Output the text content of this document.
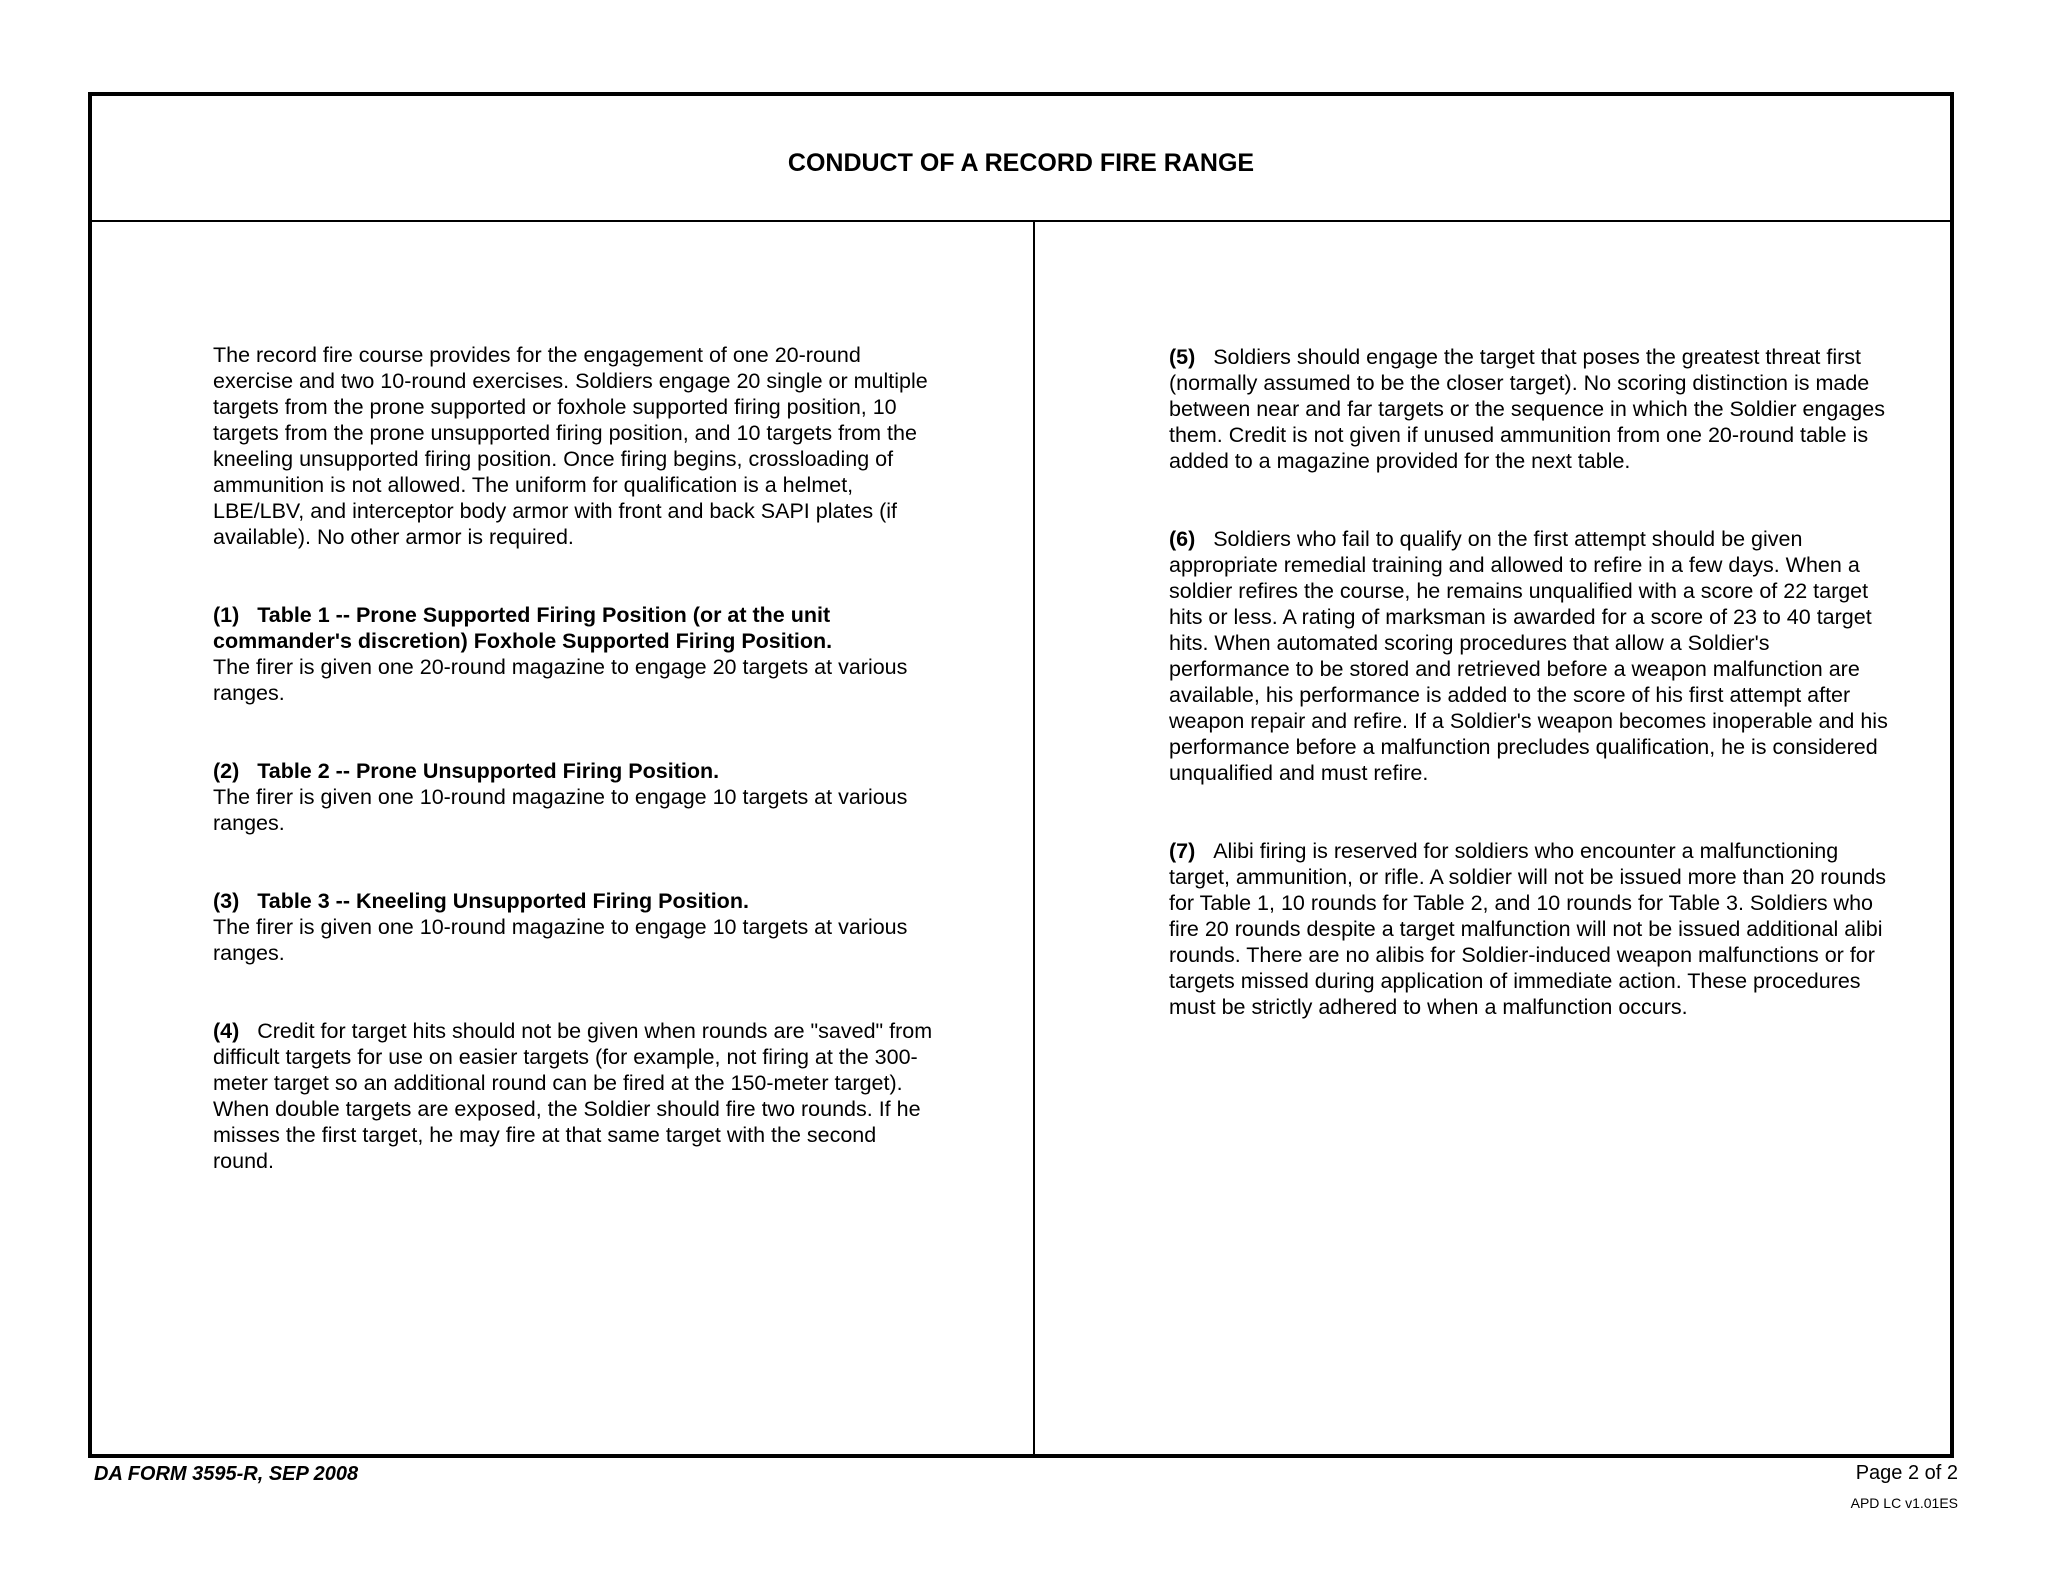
CONDUCT OF A RECORD FIRE RANGE

The record fire course provides for the engagement of one 20-round exercise and two 10-round exercises. Soldiers engage 20 single or multiple targets from the prone supported or foxhole supported firing position, 10 targets from the prone unsupported firing position, and 10 targets from the kneeling unsupported firing position. Once firing begins, crossloading of ammunition is not allowed. The uniform for qualification is a helmet, LBE/LBV, and interceptor body armor with front and back SAPI plates (if available). No other armor is required.

(1) Table 1 -- Prone Supported Firing Position (or at the unit commander's discretion) Foxhole Supported Firing Position.
The firer is given one 20-round magazine to engage 20 targets at various ranges.

(2) Table 2 -- Prone Unsupported Firing Position.
The firer is given one 10-round magazine to engage 10 targets at various ranges.

(3) Table 3 -- Kneeling Unsupported Firing Position.
The firer is given one 10-round magazine to engage 10 targets at various ranges.

(4) Credit for target hits should not be given when rounds are "saved" from difficult targets for use on easier targets (for example, not firing at the 300-meter target so an additional round can be fired at the 150-meter target). When double targets are exposed, the Soldier should fire two rounds. If he misses the first target, he may fire at that same target with the second round.

(5) Soldiers should engage the target that poses the greatest threat first (normally assumed to be the closer target). No scoring distinction is made between near and far targets or the sequence in which the Soldier engages them. Credit is not given if unused ammunition from one 20-round table is added to a magazine provided for the next table.

(6) Soldiers who fail to qualify on the first attempt should be given appropriate remedial training and allowed to refire in a few days. When a soldier refires the course, he remains unqualified with a score of 22 target hits or less. A rating of marksman is awarded for a score of 23 to 40 target hits. When automated scoring procedures that allow a Soldier's performance to be stored and retrieved before a weapon malfunction are available, his performance is added to the score of his first attempt after weapon repair and refire. If a Soldier's weapon becomes inoperable and his performance before a malfunction precludes qualification, he is considered unqualified and must refire.

(7) Alibi firing is reserved for soldiers who encounter a malfunctioning target, ammunition, or rifle. A soldier will not be issued more than 20 rounds for Table 1, 10 rounds for Table 2, and 10 rounds for Table 3. Soldiers who fire 20 rounds despite a target malfunction will not be issued additional alibi rounds. There are no alibis for Soldier-induced weapon malfunctions or for targets missed during application of immediate action. These procedures must be strictly adhered to when a malfunction occurs.

DA FORM 3595-R, SEP 2008	Page 2 of 2
APD LC v1.01ES
